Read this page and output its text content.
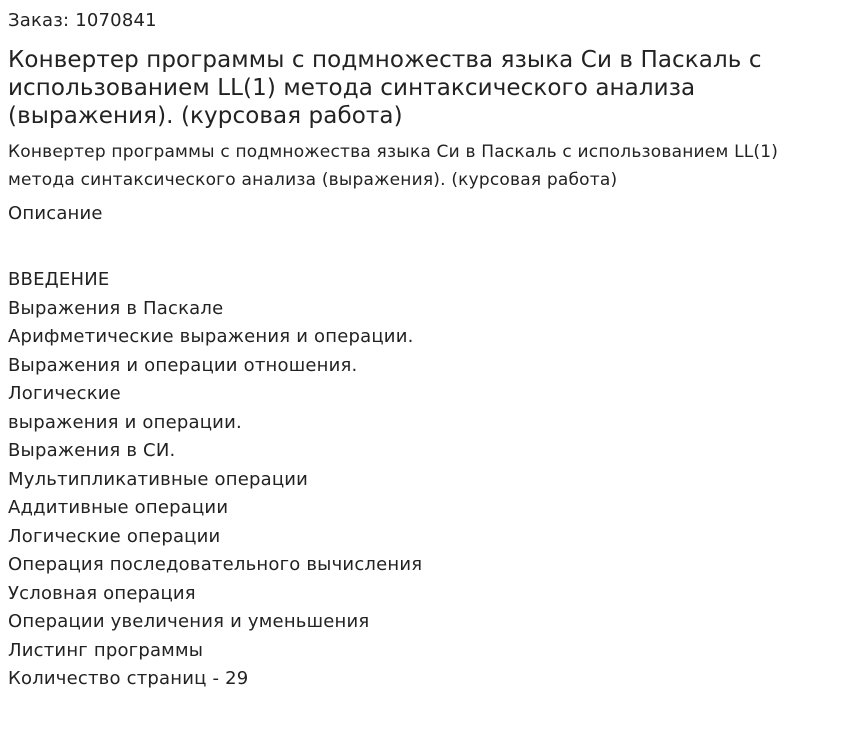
Заказ: 1070841
Конвертер программы с подмножества языка Си в Паскаль с использованием LL(1) метода синтаксического анализа (выражения). (курсовая работа)
Конвертер программы с подмножества языка Си в Паскаль с использованием LL(1) метода синтаксического анализа (выражения). (курсовая работа)
Описание
ВВЕДЕНИЕ
Выражения в Паскале
Арифметические выражения и операции.
Выражения и операции отношения.
Логические
выражения и операции.
Выражения в СИ.
Мультипликативные операции
Аддитивные операции
Логические операции
Операция последовательного вычисления
Условная операция
Операции увеличения и уменьшения
Листинг программы
Количество страниц - 29
